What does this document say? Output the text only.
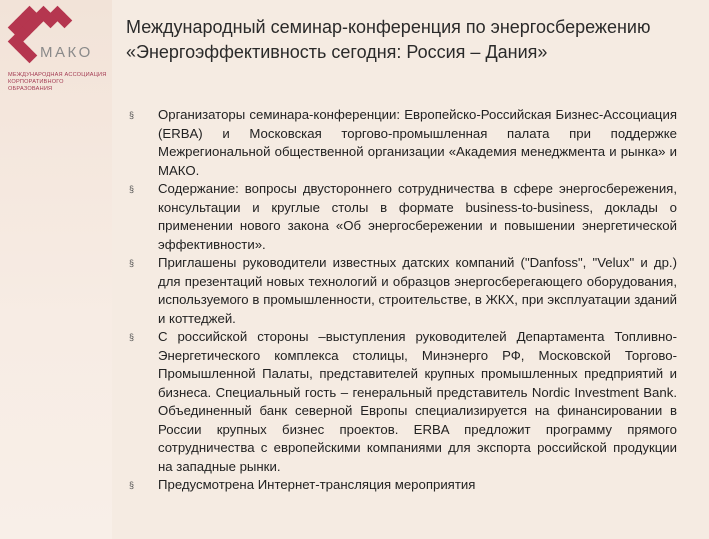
МАКО
МЕЖДУНАРОДНАЯ АССОЦИАЦИЯ
КОРПОРАТИВНОГО ОБРАЗОВАНИЯ
Международный семинар-конференция по энергосбережению «Энергоэффективность сегодня: Россия – Дания»
§	Организаторы семинара-конференции: Европейско-Российская Бизнес-Ассоциация (ERBA) и Московская торгово-промышленная палата при поддержке Межрегиональной общественной организации «Академия менеджмента и рынка» и МАКО.
§	Содержание: вопросы двустороннего сотрудничества в сфере энергосбережения, консультации и круглые столы в формате business-to-business, доклады о применении нового закона «Об энергосбережении и повышении энергетической эффективности».
§	Приглашены руководители известных датских компаний ("Danfoss", "Velux" и др.) для презентаций новых технологий и образцов энергосберегающего оборудования, используемого в промышленности, строительстве, в ЖКХ, при эксплуатации зданий и коттеджей.
§	С российской стороны –выступления руководителей Департамента Топливно-Энергетического комплекса столицы, Минэнерго РФ, Московской Торгово-Промышленной Палаты, представителей крупных промышленных предприятий и бизнеса. Специальный гость – генеральный представитель Nordic Investment Bank. Объединенный банк северной Европы специализируется на финансировании в России крупных бизнес проектов. ERBA предложит программу прямого сотрудничества с европейскими компаниями для экспорта российской продукции на западные рынки.
§	Предусмотрена Интернет-трансляция мероприятия
